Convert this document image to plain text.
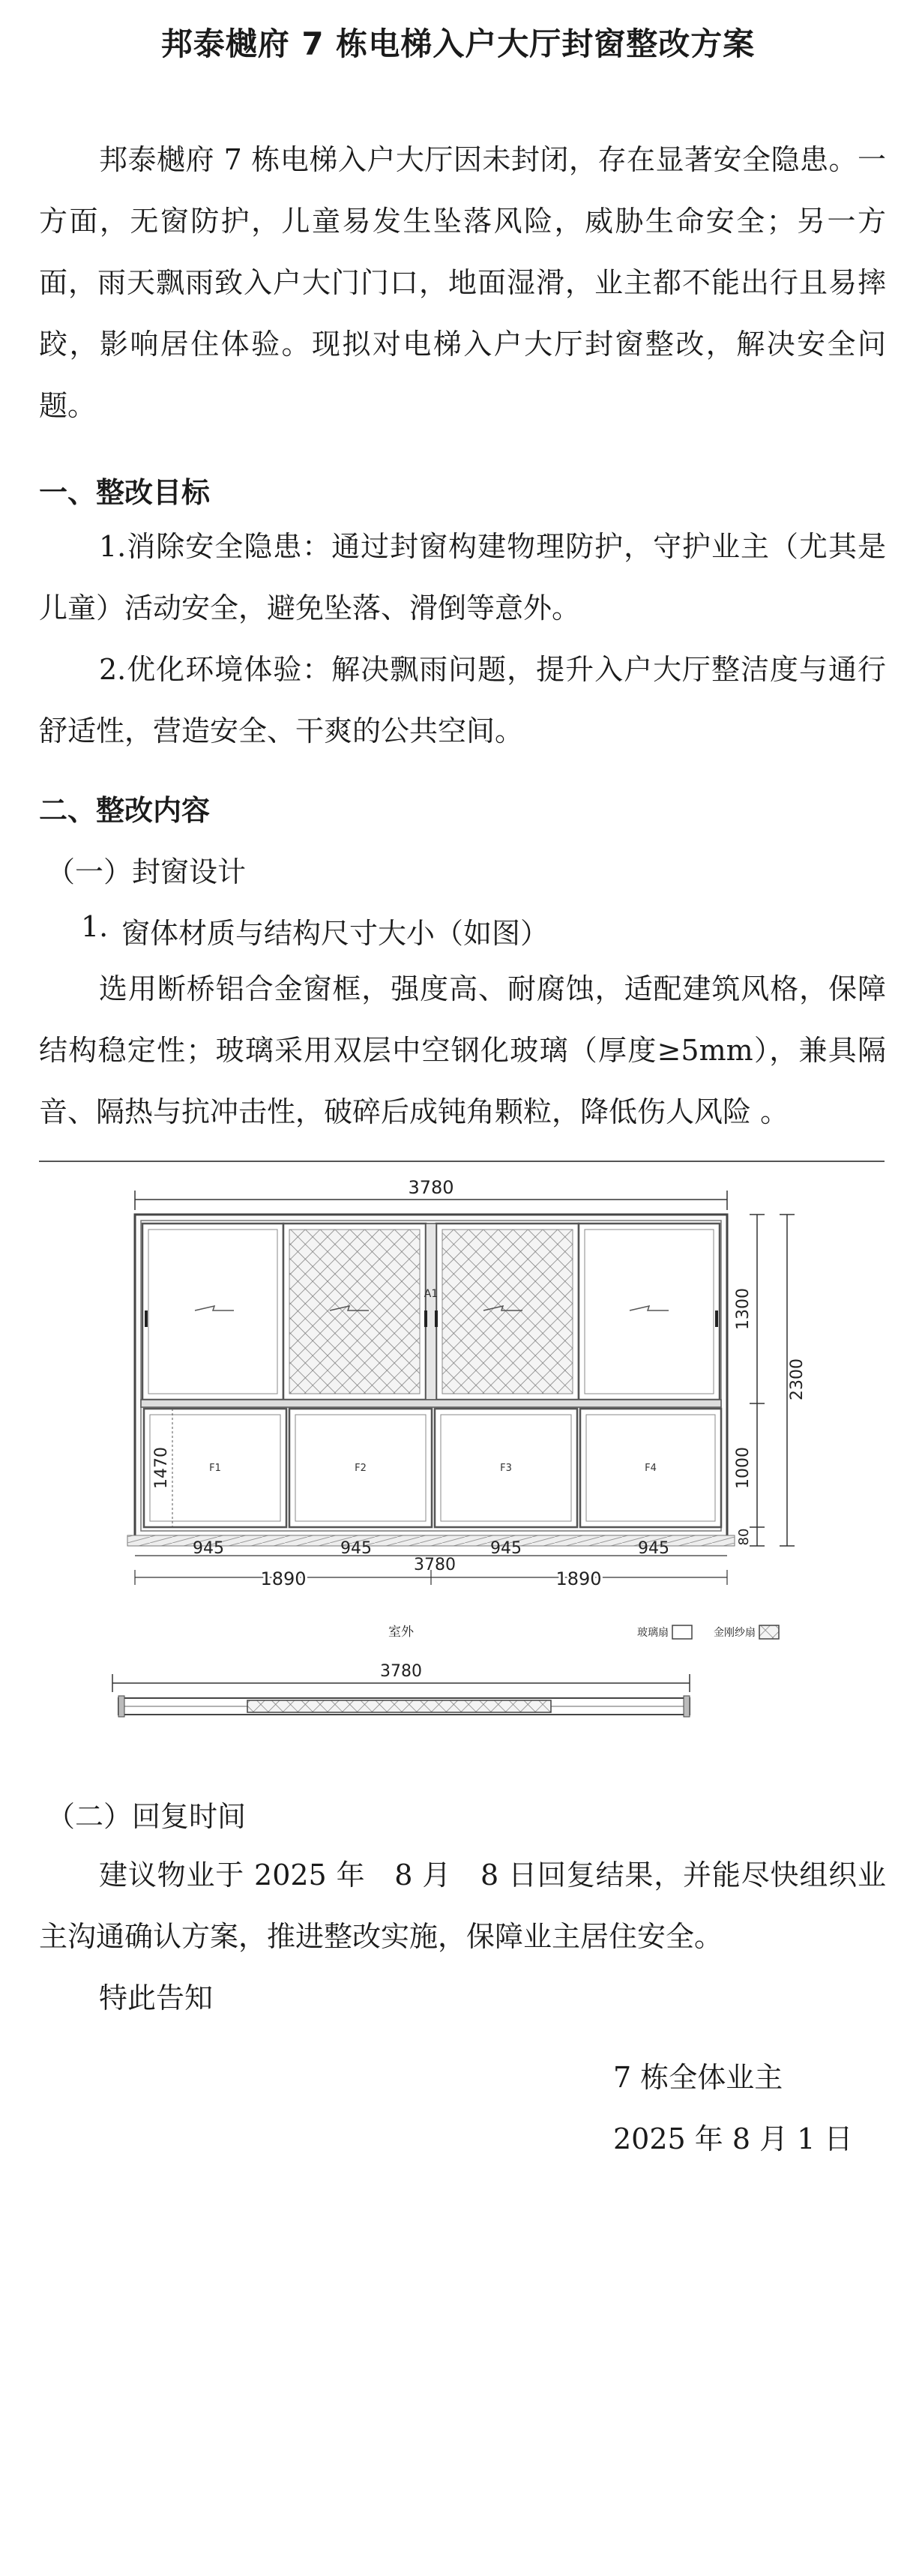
邦泰樾府 7 栋电梯入户大厅封窗整改方案

邦泰樾府 7 栋电梯入户大厅因未封闭，存在显著安全隐患。一方面，无窗防护，儿童易发生坠落风险，威胁生命安全；另一方面，雨天飘雨致入户大门门口，地面湿滑，业主都不能出行且易摔跤，影响居住体验。现拟对电梯入户大厅封窗整改，解决安全问题。

一、整改目标

1.消除安全隐患：通过封窗构建物理防护，守护业主（尤其是儿童）活动安全，避免坠落、滑倒等意外。

2.优化环境体验：解决飘雨问题，提升入户大厅整洁度与通行舒适性，营造安全、干爽的公共空间。

二、整改内容
（一）封窗设计
1. 窗体材质与结构尺寸大小（如图）

选用断桥铝合金窗框，强度高、耐腐蚀，适配建筑风格，保障结构稳定性；玻璃采用双层中空钢化玻璃（厚度≥5mm），兼具隔音、隔热与抗冲击性，破碎后成钝角颗粒，降低伤人风险 。

3780
A1
F1	F2	F3	F4
1470
945	945	945	945
3780
1890	1890
1300
1000
80
2300
室外	玻璃扇	金刚纱扇
3780
（二）回复时间

建议物业于 2025 年　8 月　8 日回复结果，并能尽快组织业主沟通确认方案，推进整改实施，保障业主居住安全。

特此告知

7 栋全体业主
2025 年 8 月 1 日
